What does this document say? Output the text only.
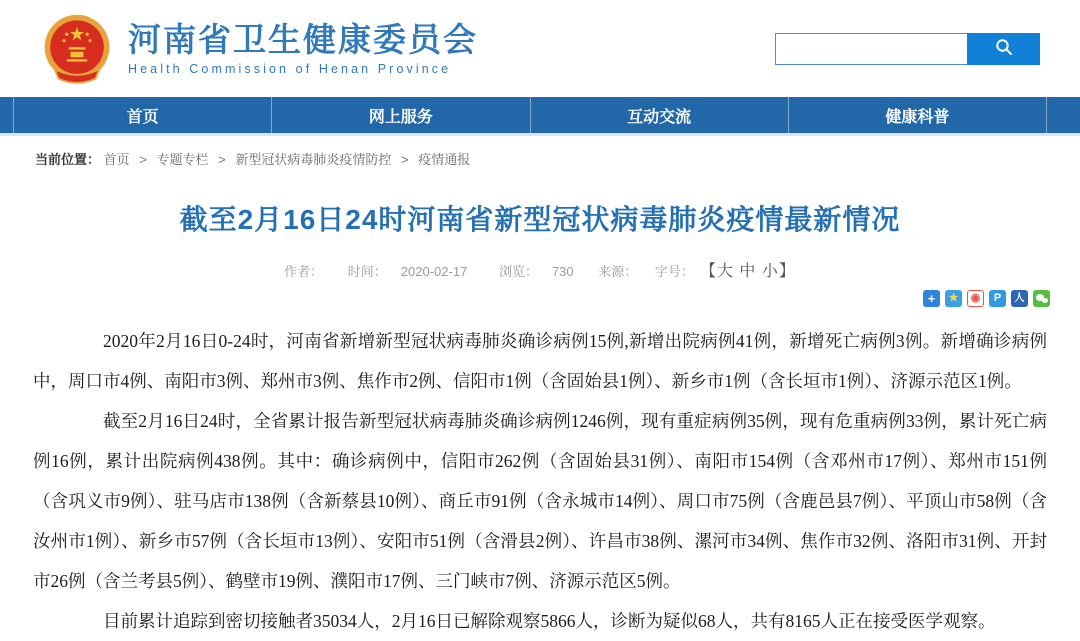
河南省卫生健康委员会
Health Commission of Henan Province
首页	网上服务	互动交流	健康科普
当前位置： 首页 > 专题专栏 > 新型冠状病毒肺炎疫情防控 > 疫情通报
截至2月16日24时河南省新型冠状病毒肺炎疫情最新情况
作者： 时间： 2020-02-17 浏览： 730 来源： 字号： 【大 中 小】
+	★	◉	P	人

2020年2月16日0-24时，河南省新增新型冠状病毒肺炎确诊病例15例,新增出院病例41例，新增死亡病例3例。新增确诊病例中，周口市4例、南阳市3例、郑州市3例、焦作市2例、信阳市1例（含固始县1例）、新乡市1例（含长垣市1例）、济源示范区1例。

截至2月16日24时，全省累计报告新型冠状病毒肺炎确诊病例1246例，现有重症病例35例，现有危重病例33例，累计死亡病例16例，累计出院病例438例。其中：确诊病例中，信阳市262例（含固始县31例）、南阳市154例（含邓州市17例）、郑州市151例（含巩义市9例）、驻马店市138例（含新蔡县10例）、商丘市91例（含永城市14例）、周口市75例（含鹿邑县7例）、平顶山市58例（含汝州市1例）、新乡市57例（含长垣市13例）、安阳市51例（含滑县2例）、许昌市38例、漯河市34例、焦作市32例、洛阳市31例、开封市26例（含兰考县5例）、鹤壁市19例、濮阳市17例、三门峡市7例、济源示范区5例。

目前累计追踪到密切接触者35034人，2月16日已解除观察5866人，诊断为疑似68人，共有8165人正在接受医学观察。
